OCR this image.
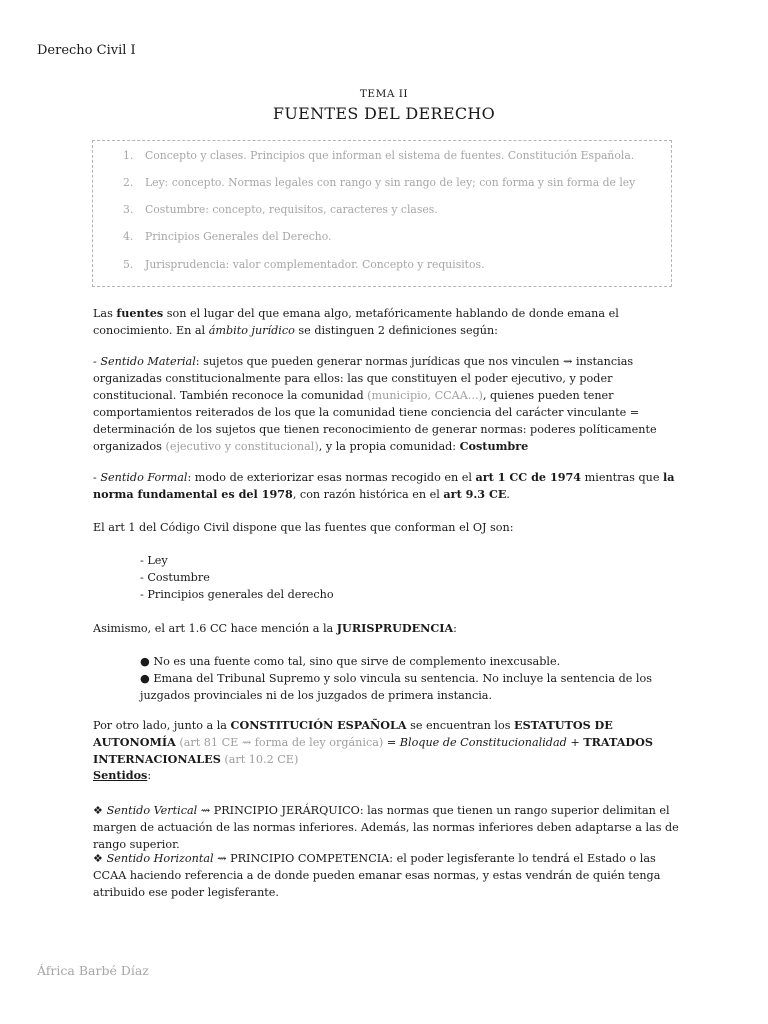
Derecho Civil I
TEMA II
FUENTES DEL DERECHO
1. Concepto y clases. Principios que informan el sistema de fuentes. Constitución Española.
2. Ley: concepto. Normas legales con rango y sin rango de ley; con forma y sin forma de ley
3. Costumbre: concepto, requisitos, caracteres y clases.
4. Principios Generales del Derecho.
5. Jurisprudencia: valor complementador. Concepto y requisitos.

Las fuentes son el lugar del que emana algo, metafóricamente hablando de donde emana el conocimiento. En al ámbito jurídico se distinguen 2 definiciones según:

- Sentido Material: sujetos que pueden generar normas jurídicas que nos vinculen ⇝ instancias organizadas constitucionalmente para ellos: las que constituyen el poder ejecutivo, y poder constitucional. También reconoce la comunidad (municipio, CCAA...), quienes pueden tener comportamientos reiterados de los que la comunidad tiene conciencia del carácter vinculante = determinación de los sujetos que tienen reconocimiento de generar normas: poderes políticamente organizados (ejecutivo y constitucional), y la propia comunidad: Costumbre

- Sentido Formal: modo de exteriorizar esas normas recogido en el art 1 CC de 1974 mientras que la norma fundamental es del 1978, con razón histórica en el art 9.3 CE.

El art 1 del Código Civil dispone que las fuentes que conforman el OJ son:

- Ley
- Costumbre
- Principios generales del derecho

Asimismo, el art 1.6 CC hace mención a la JURISPRUDENCIA:

● No es una fuente como tal, sino que sirve de complemento inexcusable.
● Emana del Tribunal Supremo y solo vincula su sentencia. No incluye la sentencia de los juzgados provinciales ni de los juzgados de primera instancia.

Por otro lado, junto a la CONSTITUCIÓN ESPAÑOLA se encuentran los ESTATUTOS DE AUTONOMÍA (art 81 CE ⇝ forma de ley orgánica) = Bloque de Constitucionalidad + TRATADOS INTERNACIONALES (art 10.2 CE)

Sentidos:

❖ Sentido Vertical ⇝ PRINCIPIO JERÁRQUICO: las normas que tienen un rango superior delimitan el margen de actuación de las normas inferiores. Además, las normas inferiores deben adaptarse a las de rango superior.

❖ Sentido Horizontal ⇝ PRINCIPIO COMPETENCIA: el poder legisferante lo tendrá el Estado o las CCAA haciendo referencia a de donde pueden emanar esas normas, y estas vendrán de quién tenga atribuido ese poder legisferante.

África Barbé Díaz
